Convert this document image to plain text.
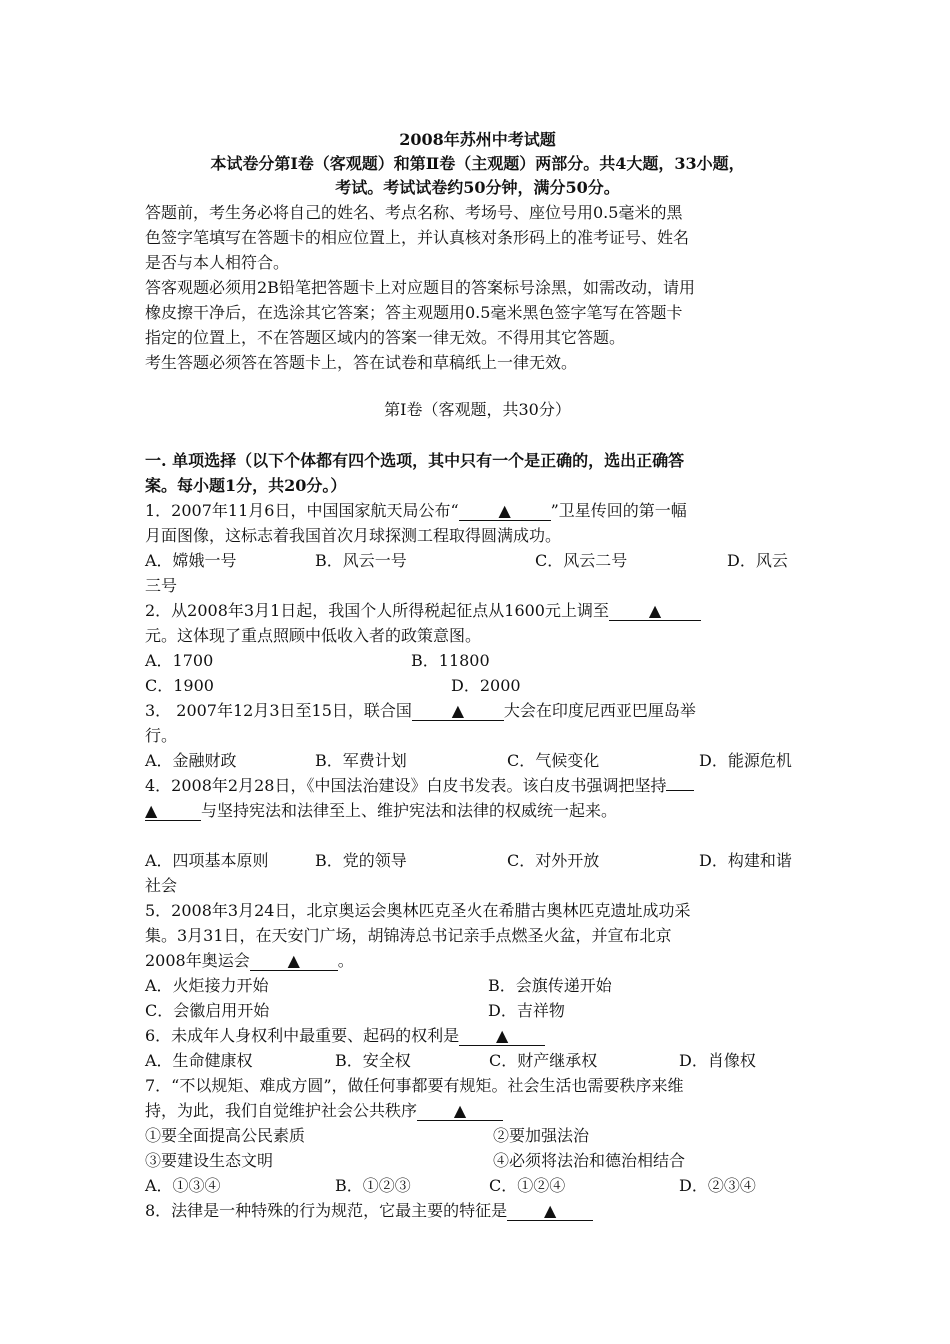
2008年苏州中考试题

本试卷分第Ⅰ卷（客观题）和第Ⅱ卷（主观题）两部分。共4大题，33小题，

考试。考试试卷约50分钟，满分50分。

答题前，考生务必将自己的姓名、考点名称、考场号、座位号用0.5毫米的黑

色签字笔填写在答题卡的相应位置上，并认真核对条形码上的准考证号、姓名

是否与本人相符合。

答客观题必须用2B铅笔把答题卡上对应题目的答案标号涂黑，如需改动，请用

橡皮擦干净后，在选涂其它答案；答主观题用0.5毫米黑色签字笔写在答题卡

指定的位置上，不在答题区域内的答案一律无效。不得用其它答题。

考生答题必须答在答题卡上，答在试卷和草稿纸上一律无效。

第Ⅰ卷（客观题，共30分）

一. 单项选择（以下个体都有四个选项，其中只有一个是正确的，选出正确答

案。每小题1分，共20分。）

1．2007年11月6日，中国国家航天局公布“ ▲ ”卫星传回的第一幅

月面图像，这标志着我国首次月球探测工程取得圆满成功。

A．嫦娥一号	B．风云一号	C．风云二号	D．风云

三号

2．从2008年3月1日起，我国个人所得税起征点从1600元上调至 ▲

元。这体现了重点照顾中低收入者的政策意图。

A．1700	B．11800
C．1900	D．2000

3． 2007年12月3日至15日，联合国 ▲ 大会在印度尼西亚巴厘岛举

行。

A．金融财政	B．军费计划	C．气候变化	D．能源危机

4．2008年2月28日，《中国法治建设》白皮书发表。该白皮书强调把坚持

▲	与坚持宪法和法律至上、维护宪法和法律的权威统一起来。

A．四项基本原则	B．党的领导	C．对外开放	D．构建和谐

社会

5．2008年3月24日，北京奥运会奥林匹克圣火在希腊古奥林匹克遗址成功采

集。3月31日，在天安门广场，胡锦涛总书记亲手点燃圣火盆，并宣布北京

2008年奥运会 ▲ 。

A．火炬接力开始	B．会旗传递开始
C．会徽启用开始	D．吉祥物

6．未成年人身权利中最重要、起码的权利是 ▲

A．生命健康权	B．安全权	C．财产继承权	D．肖像权

7．“不以规矩、难成方圆”，做任何事都要有规矩。社会生活也需要秩序来维

持，为此，我们自觉维护社会公共秩序 ▲

①要全面提高公民素质	②要加强法治
③要建设生态文明	④必须将法治和德治相结合
A．①③④	B．①②③	C．①②④	D．②③④

8．法律是一种特殊的行为规范，它最主要的特征是 ▲
